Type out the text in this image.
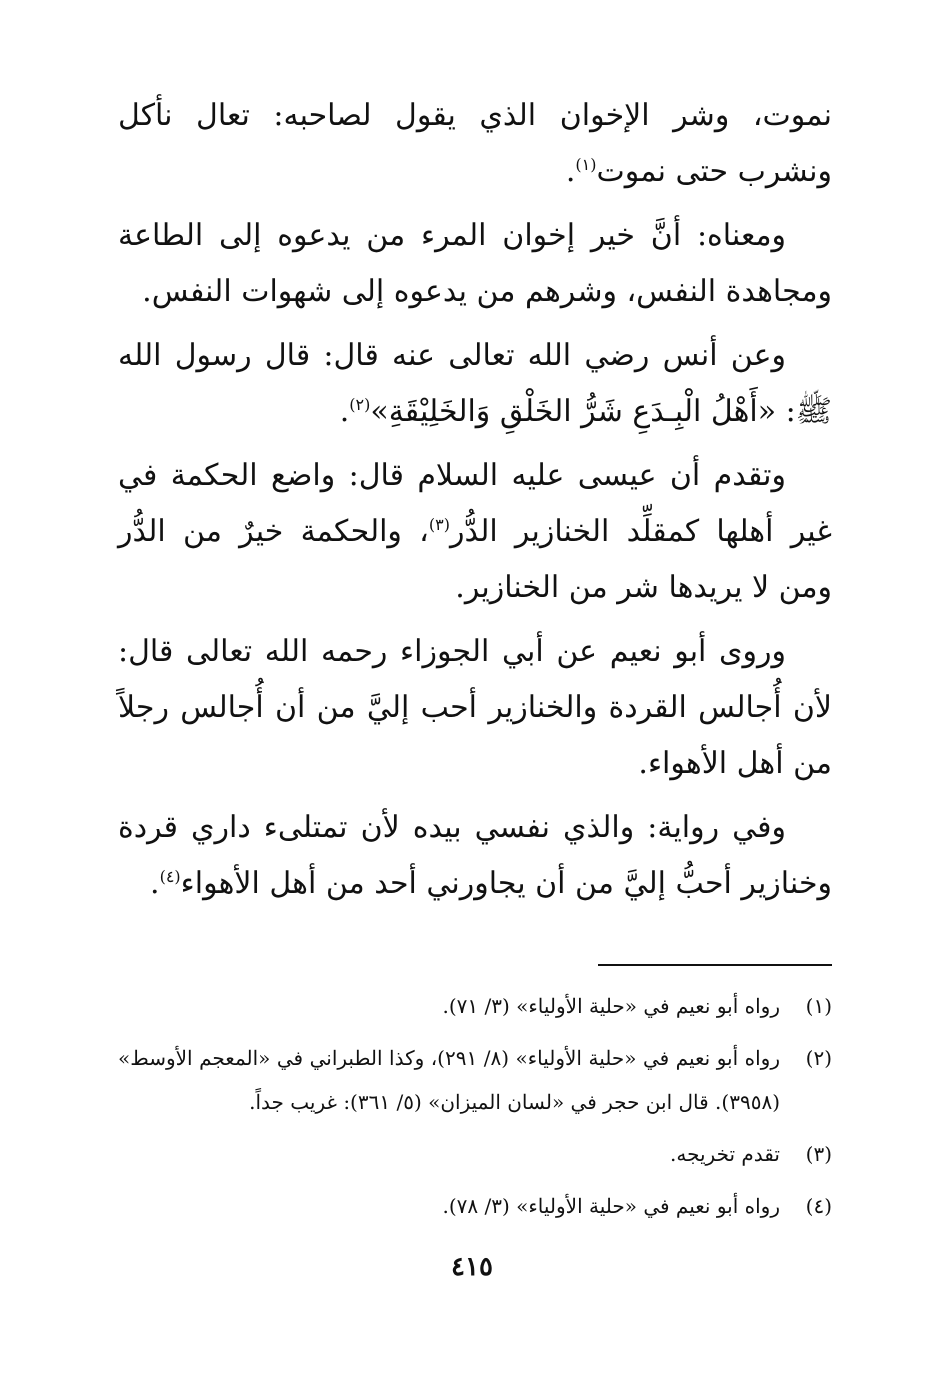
نموت، وشر الإخوان الذي يقول لصاحبه: تعال نأكل ونشرب حتى نموت$^{(١)}$.

ومعناه: أنَّ خير إخوان المرء من يدعوه إلى الطاعة ومجاهدة النفس، وشرهم من يدعوه إلى شهوات النفس.

وعن أنس رضي الله تعالى عنه قال: قال رسول الله ﷺ: «أَهْلُ الْبِـدَعِ شَرُّ الخَلْقِ وَالخَلِيْقَةِ»$^{(٢)}$.

وتقدم أن عيسى عليه السلام قال: واضع الحكمة في غير أهلها كمقلِّد الخنازير الدُّر$^{(٣)}$، والحكمة خيرٌ من الدُّر ومن لا يريدها شر من الخنازير.

وروى أبو نعيم عن أبي الجوزاء رحمه الله تعالى قال: لأن أُجالس القردة والخنازير أحب إليَّ من أن أُجالس رجلاً من أهل الأهواء.

وفي رواية: والذي نفسي بيده لأن تمتلىء داري قردة وخنازير أحبُّ إليَّ من أن يجاورني أحد من أهل الأهواء$^{(٤)}$.

(١)
رواه أبو نعيم في «حلية الأولياء» (٣/ ٧١).
(٢)
رواه أبو نعيم في «حلية الأولياء» (٨/ ٢٩١)، وكذا الطبراني في «المعجم الأوسط» (٣٩٥٨). قال ابن حجر في «لسان الميزان» (٥/ ٣٦١): غريب جداً.
(٣)
تقدم تخريجه.
(٤)
رواه أبو نعيم في «حلية الأولياء» (٣/ ٧٨).
٤١٥
